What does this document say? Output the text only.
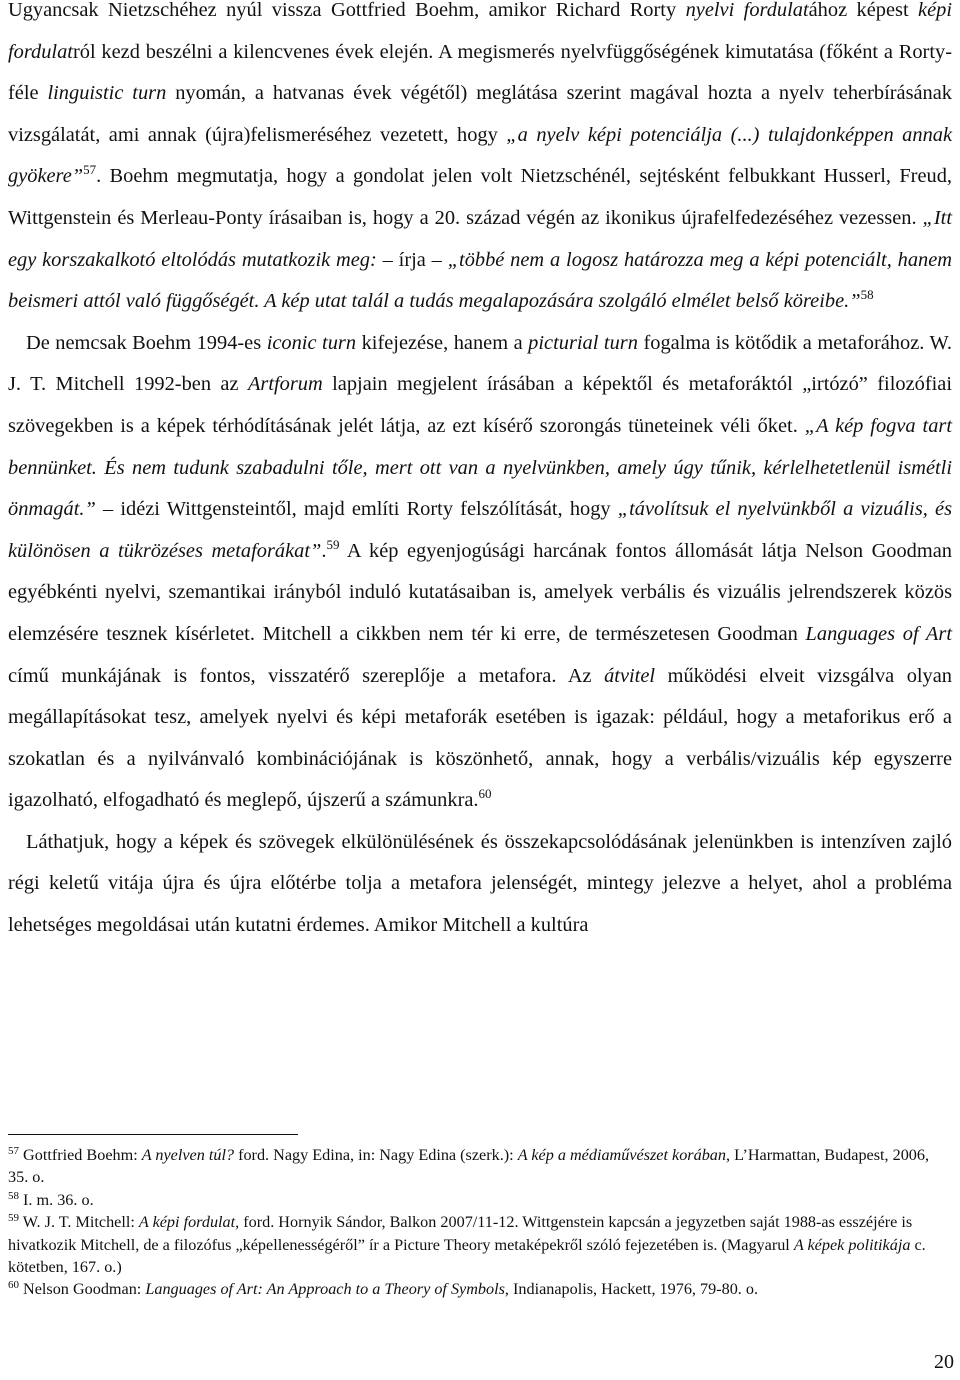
Ugyancsak Nietzschéhez nyúl vissza Gottfried Boehm, amikor Richard Rorty nyelvi fordulatához képest képi fordulatról kezd beszélni a kilencvenes évek elején. A megismerés nyelvfüggőségének kimutatása (főként a Rorty-féle linguistic turn nyomán, a hatvanas évek végétől) meglátása szerint magával hozta a nyelv teherbírásának vizsgálatát, ami annak (újra)felismeréséhez vezetett, hogy „a nyelv képi potenciálja (...) tulajdonképpen annak gyökere”$^{57}$. Boehm megmutatja, hogy a gondolat jelen volt Nietzschénél, sejtésként felbukkant Husserl, Freud, Wittgenstein és Merleau-Ponty írásaiban is, hogy a 20. század végén az ikonikus újrafelfedezéséhez vezessen. „Itt egy korszakalkotó eltolódás mutatkozik meg: – írja – „többé nem a logosz határozza meg a képi potenciált, hanem beismeri attól való függőségét. A kép utat talál a tudás megalapozására szolgáló elmélet belső köreibe.”$^{58}$

De nemcsak Boehm 1994-es iconic turn kifejezése, hanem a picturial turn fogalma is kötődik a metaforához. W. J. T. Mitchell 1992-ben az Artforum lapjain megjelent írásában a képektől és metaforáktól „irtózó” filozófiai szövegekben is a képek térhódításának jelét látja, az ezt kísérő szorongás tüneteinek véli őket. „A kép fogva tart bennünket. És nem tudunk szabadulni tőle, mert ott van a nyelvünkben, amely úgy tűnik, kérlelhetetlenül ismétli önmagát.” – idézi Wittgensteintől, majd említi Rorty felszólítását, hogy „távolítsuk el nyelvünkből a vizuális, és különösen a tükrözéses metaforákat”.$^{59}$ A kép egyenjogúsági harcának fontos állomását látja Nelson Goodman egyébkénti nyelvi, szemantikai irányból induló kutatásaiban is, amelyek verbális és vizuális jelrendszerek közös elemzésére tesznek kísérletet. Mitchell a cikkben nem tér ki erre, de természetesen Goodman Languages of Art című munkájának is fontos, visszatérő szereplője a metafora. Az átvitel működési elveit vizsgálva olyan megállapításokat tesz, amelyek nyelvi és képi metaforák esetében is igazak: például, hogy a metaforikus erő a szokatlan és a nyilvánvaló kombinációjának is köszönhető, annak, hogy a verbális/vizuális kép egyszerre igazolható, elfogadható és meglepő, újszerű a számunkra.$^{60}$

Láthatjuk, hogy a képek és szövegek elkülönülésének és összekapcsolódásának jelenünkben is intenzíven zajló régi keletű vitája újra és újra előtérbe tolja a metafora jelenségét, mintegy jelezve a helyet, ahol a probléma lehetséges megoldásai után kutatni érdemes. Amikor Mitchell a kultúra

$^{57}$ Gottfried Boehm: A nyelven túl? ford. Nagy Edina, in: Nagy Edina (szerk.): A kép a médiaművészet korában, L’Harmattan, Budapest, 2006, 35. o.

$^{58}$ I. m. 36. o.

$^{59}$ W. J. T. Mitchell: A képi fordulat, ford. Hornyik Sándor, Balkon 2007/11-12. Wittgenstein kapcsán a jegyzetben saját 1988-as esszéjére is hivatkozik Mitchell, de a filozófus „képellenességéről” ír a Picture Theory metaképekről szóló fejezetében is. (Magyarul A képek politikája c. kötetben, 167. o.)

$^{60}$ Nelson Goodman: Languages of Art: An Approach to a Theory of Symbols, Indianapolis, Hackett, 1976, 79-80. o.

20
